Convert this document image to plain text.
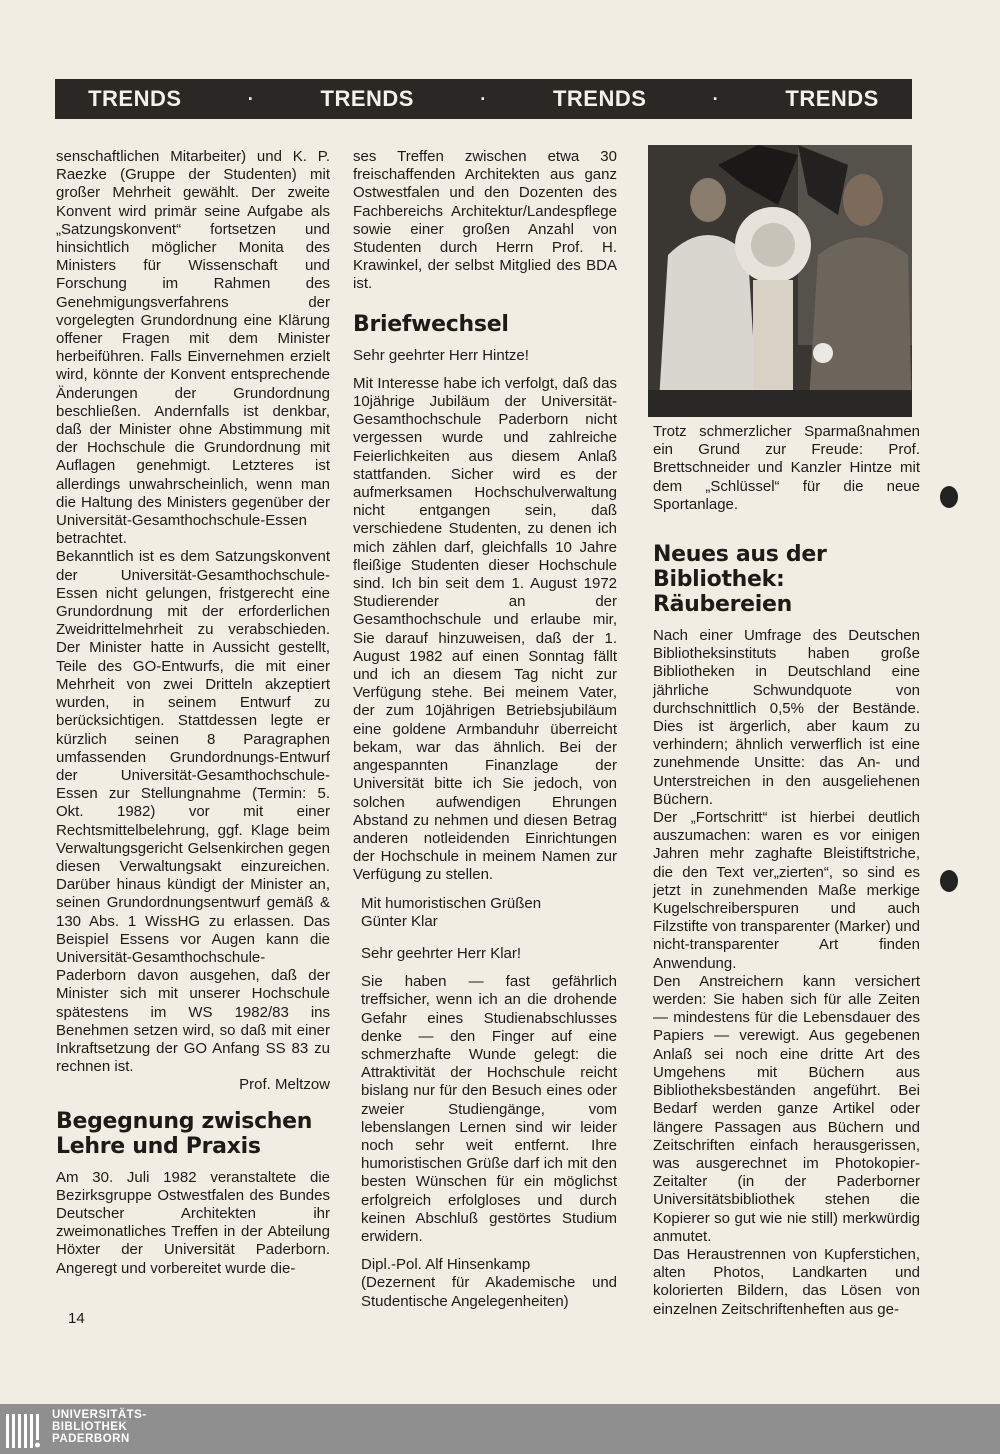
TRENDS	·	TRENDS	·	TRENDS	·	TRENDS

senschaftlichen Mitarbeiter) und K. P. Raezke (Gruppe der Studenten) mit großer Mehrheit gewählt. Der zweite Konvent wird primär seine Aufgabe als „Satzungskonvent“ fortsetzen und hinsichtlich möglicher Monita des Ministers für Wissenschaft und Forschung im Rahmen des Genehmigungsverfahrens der vorgelegten Grundordnung eine Klärung offener Fragen mit dem Minister herbeiführen. Falls Einvernehmen erzielt wird, könnte der Konvent entsprechende Änderungen der Grundordnung beschließen. Andernfalls ist denkbar, daß der Minister ohne Abstimmung mit der Hochschule die Grundordnung mit Auflagen genehmigt. Letzteres ist allerdings unwahrscheinlich, wenn man die Haltung des Ministers gegenüber der Universität-Gesamthochschule-Essen betrachtet.

Bekanntlich ist es dem Satzungskonvent der Universität-Gesamthochschule-Essen nicht gelungen, fristgerecht eine Grundordnung mit der erforderlichen Zweidrittelmehrheit zu verabschieden. Der Minister hatte in Aussicht gestellt, Teile des GO-Entwurfs, die mit einer Mehrheit von zwei Dritteln akzeptiert wurden, in seinem Entwurf zu berücksichtigen. Stattdessen legte er kürzlich seinen 8 Paragraphen umfassenden Grundordnungs-Entwurf der Universität-Gesamthochschule-Essen zur Stellungnahme (Termin: 5. Okt. 1982) vor mit einer Rechtsmittelbelehrung, ggf. Klage beim Verwaltungsgericht Gelsenkirchen gegen diesen Verwaltungsakt einzureichen. Darüber hinaus kündigt der Minister an, seinen Grundordnungsentwurf gemäß & 130 Abs. 1 WissHG zu erlassen. Das Beispiel Essens vor Augen kann die Universität-Gesamthochschule-Paderborn davon ausgehen, daß der Minister sich mit unserer Hochschule spätestens im WS 1982/83 ins Benehmen setzen wird, so daß mit einer Inkraftsetzung der GO Anfang SS 83 zu rechnen ist.

Prof. Meltzow

Begegnung zwischen Lehre und Praxis

Am 30. Juli 1982 veranstaltete die Bezirksgruppe Ostwestfalen des Bundes Deutscher Architekten ihr zweimonatliches Treffen in der Abteilung Höxter der Universität Paderborn. Angeregt und vorbereitet wurde die-

ses Treffen zwischen etwa 30 freischaffenden Architekten aus ganz Ostwestfalen und den Dozenten des Fachbereichs Architektur/Landespflege sowie einer großen Anzahl von Studenten durch Herrn Prof. H. Krawinkel, der selbst Mitglied des BDA ist.

Briefwechsel

Sehr geehrter Herr Hintze!

Mit Interesse habe ich verfolgt, daß das 10jährige Jubiläum der Universität-Gesamthochschule Paderborn nicht vergessen wurde und zahlreiche Feierlichkeiten aus diesem Anlaß stattfanden. Sicher wird es der aufmerksamen Hochschulverwaltung nicht entgangen sein, daß verschiedene Studenten, zu denen ich mich zählen darf, gleichfalls 10 Jahre fleißige Studenten dieser Hochschule sind. Ich bin seit dem 1. August 1972 Studierender an der Gesamthochschule und erlaube mir, Sie darauf hinzuweisen, daß der 1. August 1982 auf einen Sonntag fällt und ich an diesem Tag nicht zur Verfügung stehe. Bei meinem Vater, der zum 10jährigen Betriebsjubiläum eine goldene Armbanduhr überreicht bekam, war das ähnlich. Bei der angespannten Finanzlage der Universität bitte ich Sie jedoch, von solchen aufwendigen Ehrungen Abstand zu nehmen und diesen Betrag anderen notleidenden Einrichtungen der Hochschule in meinem Namen zur Verfügung zu stellen.

Mit humoristischen Grüßen

Günter Klar

Sehr geehrter Herr Klar!

Sie haben — fast gefährlich treffsicher, wenn ich an die drohende Gefahr eines Studienabschlusses denke — den Finger auf eine schmerzhafte Wunde gelegt: die Attraktivität der Hochschule reicht bislang nur für den Besuch eines oder zweier Studiengänge, vom lebenslangen Lernen sind wir leider noch sehr weit entfernt. Ihre humoristischen Grüße darf ich mit den besten Wünschen für ein möglichst erfolgreich erfolgloses und durch keinen Abschluß gestörtes Studium erwidern.

Dipl.-Pol. Alf Hinsenkamp

(Dezernent für Akademische und Studentische Angelegenheiten)

Trotz schmerzlicher Sparmaßnahmen ein Grund zur Freude: Prof. Brettschneider und Kanzler Hintze mit dem „Schlüssel“ für die neue Sportanlage.

Neues aus der Bibliothek: Räubereien

Nach einer Umfrage des Deutschen Bibliotheksinstituts haben große Bibliotheken in Deutschland eine jährliche Schwundquote von durchschnittlich 0,5% der Bestände. Dies ist ärgerlich, aber kaum zu verhindern; ähnlich verwerflich ist eine zunehmende Unsitte: das An- und Unterstreichen in den ausgeliehenen Büchern.

Der „Fortschritt“ ist hierbei deutlich auszumachen: waren es vor einigen Jahren mehr zaghafte Bleistiftstriche, die den Text ver„zierten“, so sind es jetzt in zunehmenden Maße merkige Kugelschreiberspuren und auch Filzstifte von transparenter (Marker) und nicht-transparenter Art finden Anwendung.

Den Anstreichern kann versichert werden: Sie haben sich für alle Zeiten — mindestens für die Lebensdauer des Papiers — verewigt. Aus gegebenen Anlaß sei noch eine dritte Art des Umgehens mit Büchern aus Bibliotheksbeständen angeführt. Bei Bedarf werden ganze Artikel oder längere Passagen aus Büchern und Zeitschriften einfach herausgerissen, was ausgerechnet im Photokopier-Zeitalter (in der Paderborner Universitätsbibliothek stehen die Kopierer so gut wie nie still) merkwürdig anmutet.

Das Heraustrennen von Kupferstichen, alten Photos, Landkarten und kolorierten Bildern, das Lösen von einzelnen Zeitschriftenheften aus ge-

14
UNIVERSITÄTS-
BIBLIOTHEK
PADERBORN
